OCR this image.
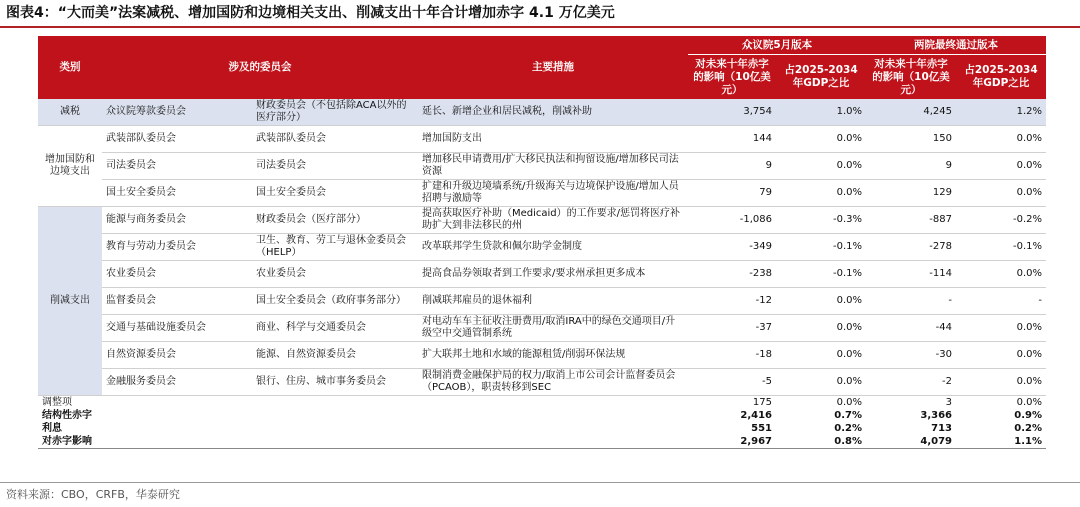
图表4：“大而美”法案减税、增加国防和边境相关支出、削减支出十年合计增加赤字 4.1 万亿美元
类别	涉及的委员会		主要措施	众议院5月版本		两院最终通过版本	
				对未来十年赤字的影响（10亿美元）	占2025-2034年GDP之比	对未来十年赤字的影响（10亿美元）	占2025-2034年GDP之比
减税	众议院筹款委员会	财政委员会（不包括除ACA以外的医疗部分）	延长、新增企业和居民减税，削减补助	3,754	1.0%	4,245	1.2%
增加国防和边境支出	武装部队委员会	武装部队委员会	增加国防支出	144	0.0%	150	0.0%
	司法委员会	司法委员会	增加移民申请费用/扩大移民执法和拘留设施/增加移民司法资源	9	0.0%	9	0.0%
	国土安全委员会	国土安全委员会	扩建和升级边境墙系统/升级海关与边境保护设施/增加人员招聘与激励等	79	0.0%	129	0.0%
削减支出	能源与商务委员会	财政委员会（医疗部分）	提高获取医疗补助（Medicaid）的工作要求/惩罚将医疗补助扩大到非法移民的州	-1,086	-0.3%	-887	-0.2%
	教育与劳动力委员会	卫生、教育、劳工与退休金委员会（HELP）	改革联邦学生贷款和佩尔助学金制度	-349	-0.1%	-278	-0.1%
	农业委员会	农业委员会	提高食品券领取者到工作要求/要求州承担更多成本	-238	-0.1%	-114	0.0%
	监督委员会	国土安全委员会（政府事务部分）	削减联邦雇员的退休福利	-12	0.0%	-	-
	交通与基础设施委员会	商业、科学与交通委员会	对电动车车主征收注册费用/取消IRA中的绿色交通项目/升级空中交通管制系统	-37	0.0%	-44	0.0%
	自然资源委员会	能源、自然资源委员会	扩大联邦土地和水域的能源租赁/削弱环保法规	-18	0.0%	-30	0.0%
	金融服务委员会	银行、住房、城市事务委员会	限制消费金融保护局的权力/取消上市公司会计监督委员会（PCAOB），职责转移到SEC	-5	0.0%	-2	0.0%
调整项				175	0.0%	3	0.0%
结构性赤字				2,416	0.7%	3,366	0.9%
利息				551	0.2%	713	0.2%
对赤字影响				2,967	0.8%	4,079	1.1%
资料来源：CBO，CRFB，华泰研究
